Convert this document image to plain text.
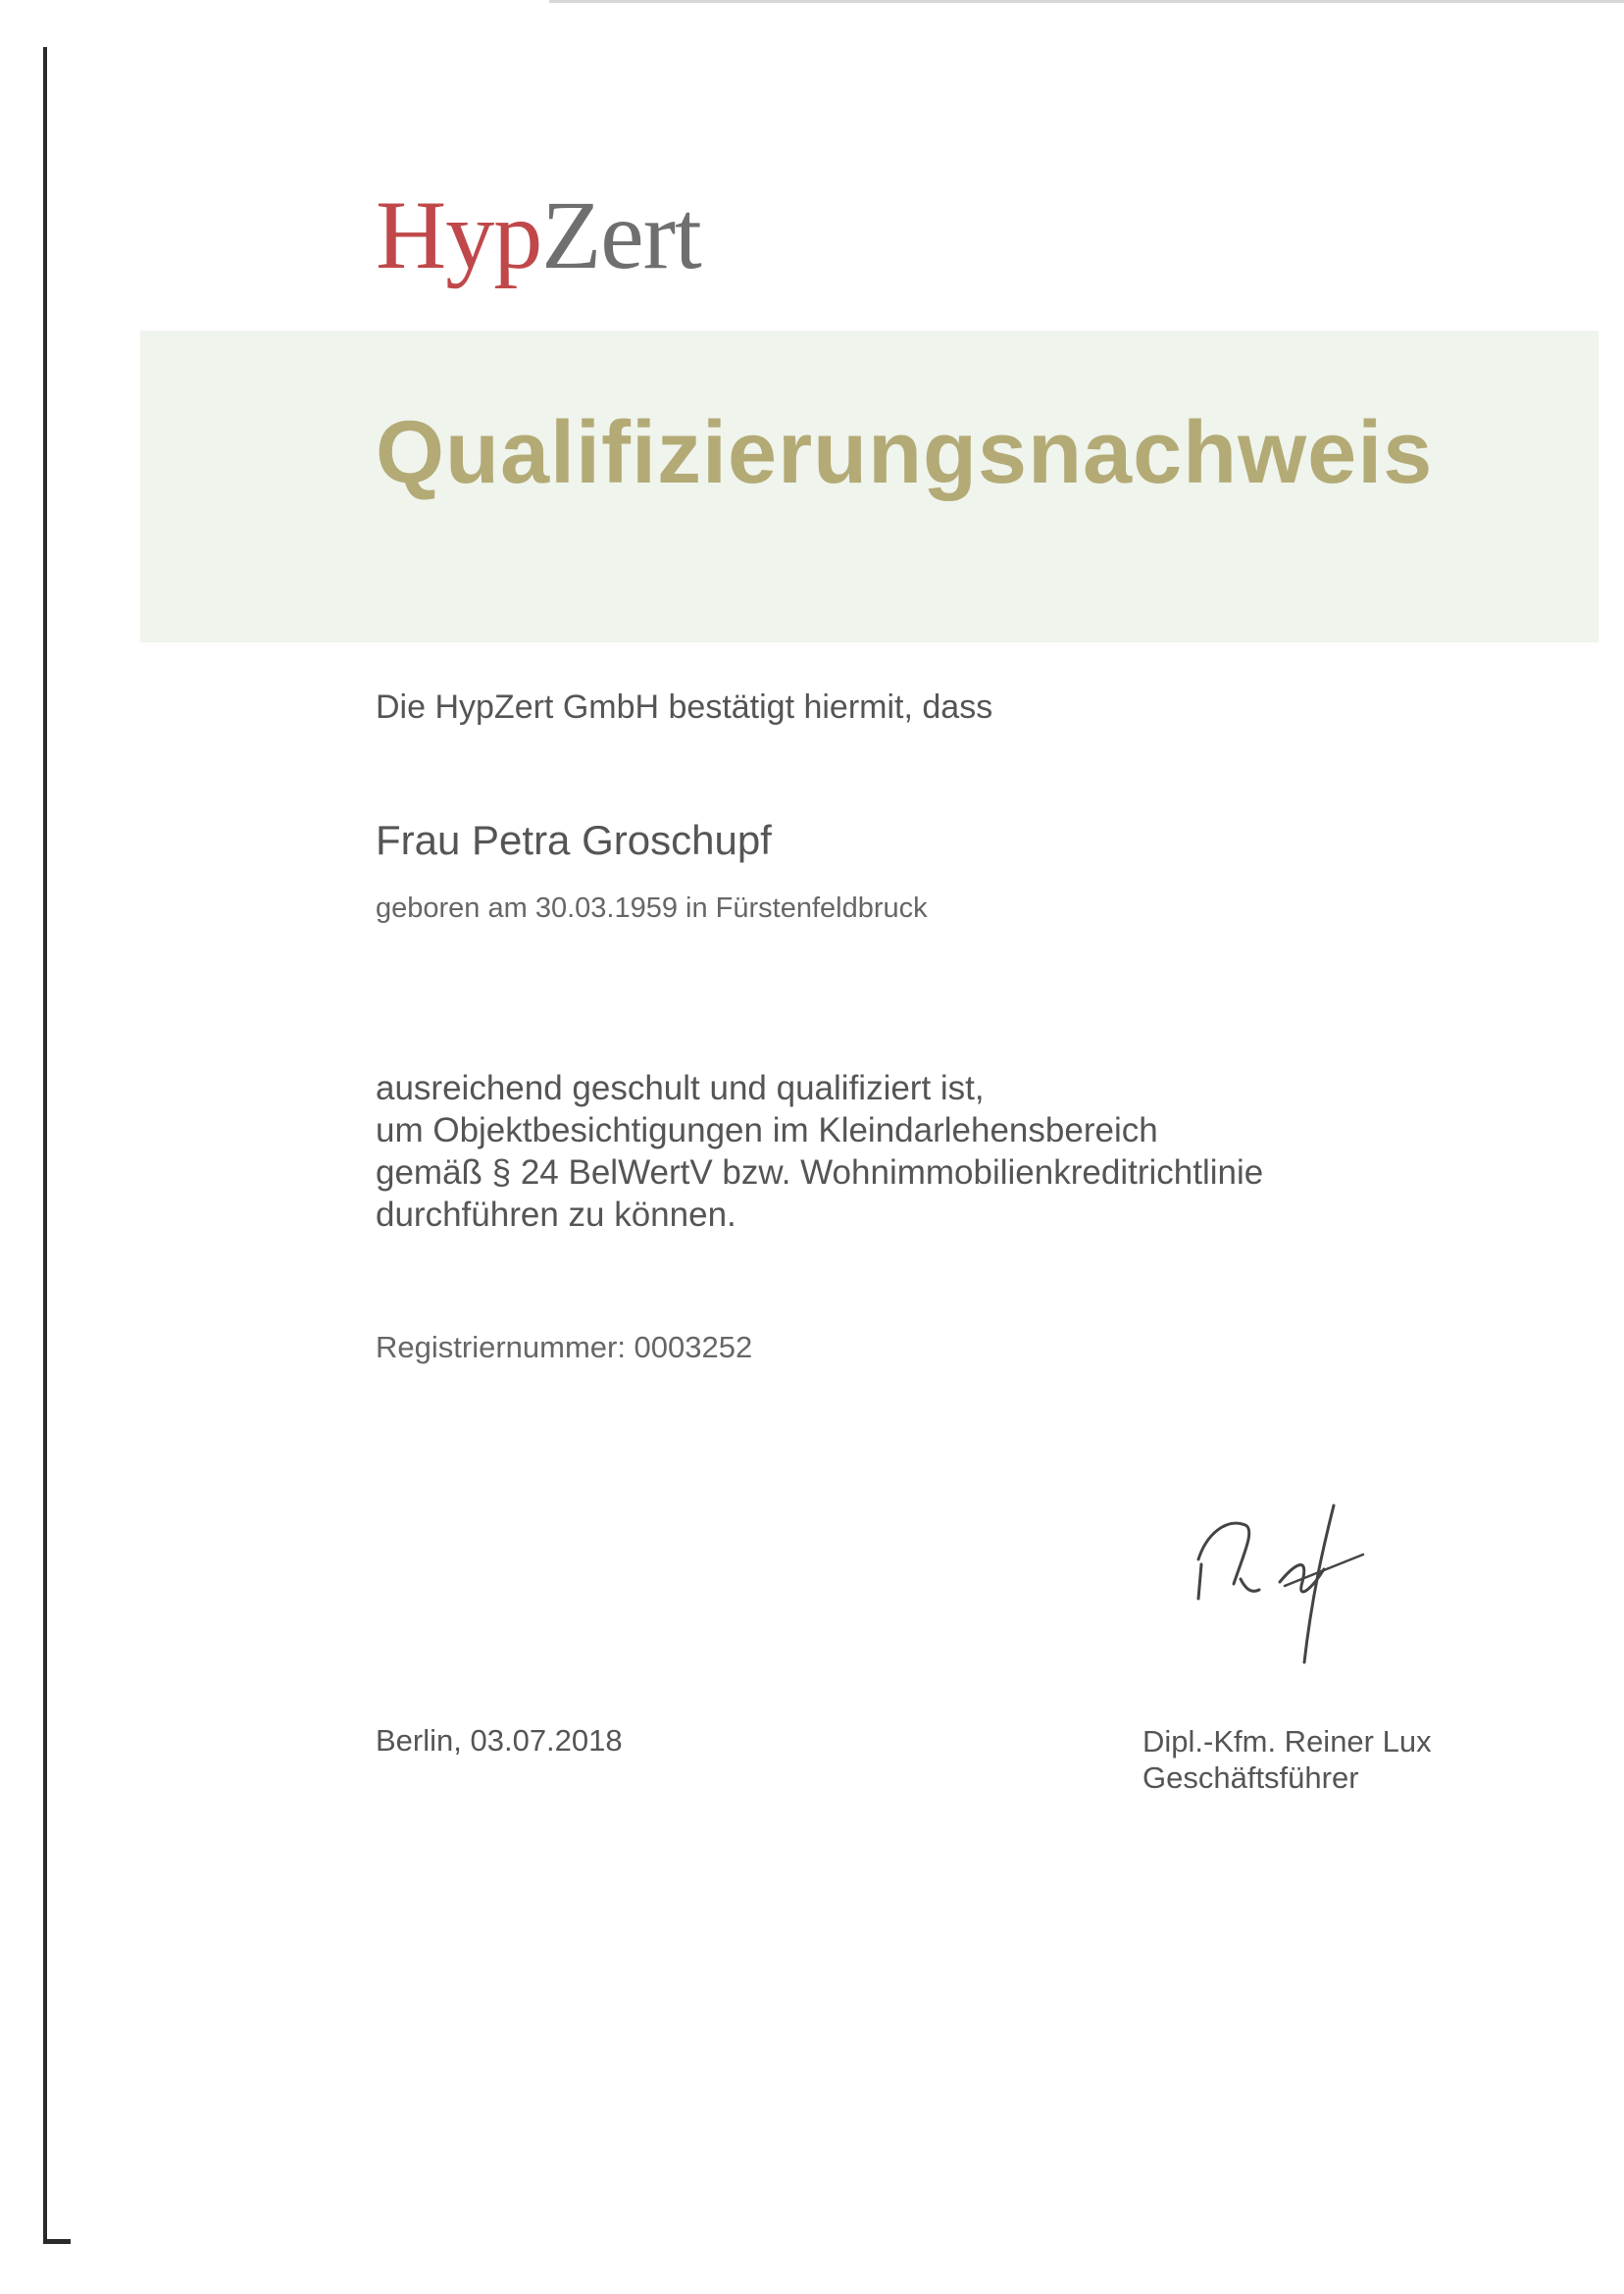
HypZert
Qualifizierungsnachweis
Die HypZert GmbH bestätigt hiermit, dass
Frau Petra Groschupf
geboren am 30.03.1959 in Fürstenfeldbruck
ausreichend geschult und qualifiziert ist,
um Objektbesichtigungen im Kleindarlehensbereich
gemäß § 24 BelWertV bzw. Wohnimmobilienkreditrichtlinie
durchführen zu können.
Registriernummer: 0003252
Berlin, 03.07.2018	Dipl.-Kfm. Reiner Lux
Geschäftsführer
